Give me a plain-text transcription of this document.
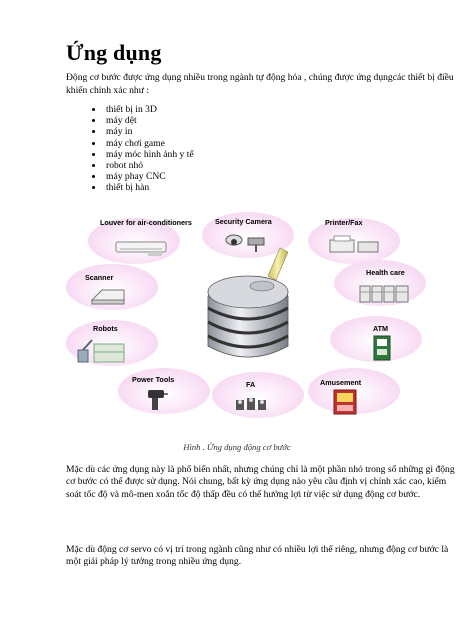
Ứng dụng
Động cơ bước được ứng dụng nhiều trong ngành tự động hóa , chúng được ứng dụngcác thiết bị điều khiển chính xác như :
thiết bị in 3D
máy dệt
máy in
máy chơi game
máy móc hình ảnh y tế
robot nhỏ
máy phay CNC
thiết bị hàn
Louver for air-conditioners	Security Camera	Printer/Fax
Scanner
Health care
Robots	ATM
Power Tools
FA	Amusement
Hình . Ứng dụng động cơ bước
Mặc dù các ứng dụng này là phổ biến nhất, nhưng chúng chỉ là một phần nhỏ trong số những gì động cơ bước có thể được sử dụng. Nói chung, bất kỳ ứng dụng nào yêu cầu định vị chính xác cao, kiểm soát tốc độ và mô-men xoắn tốc độ thấp đều có thể hưởng lợi từ việc sử dụng động cơ bước.
Mặc dù động cơ servo có vị trí trong ngành cũng như có nhiều lợi thế riêng, nhưng động cơ bước là một giải pháp lý tưởng trong nhiều ứng dụng.
